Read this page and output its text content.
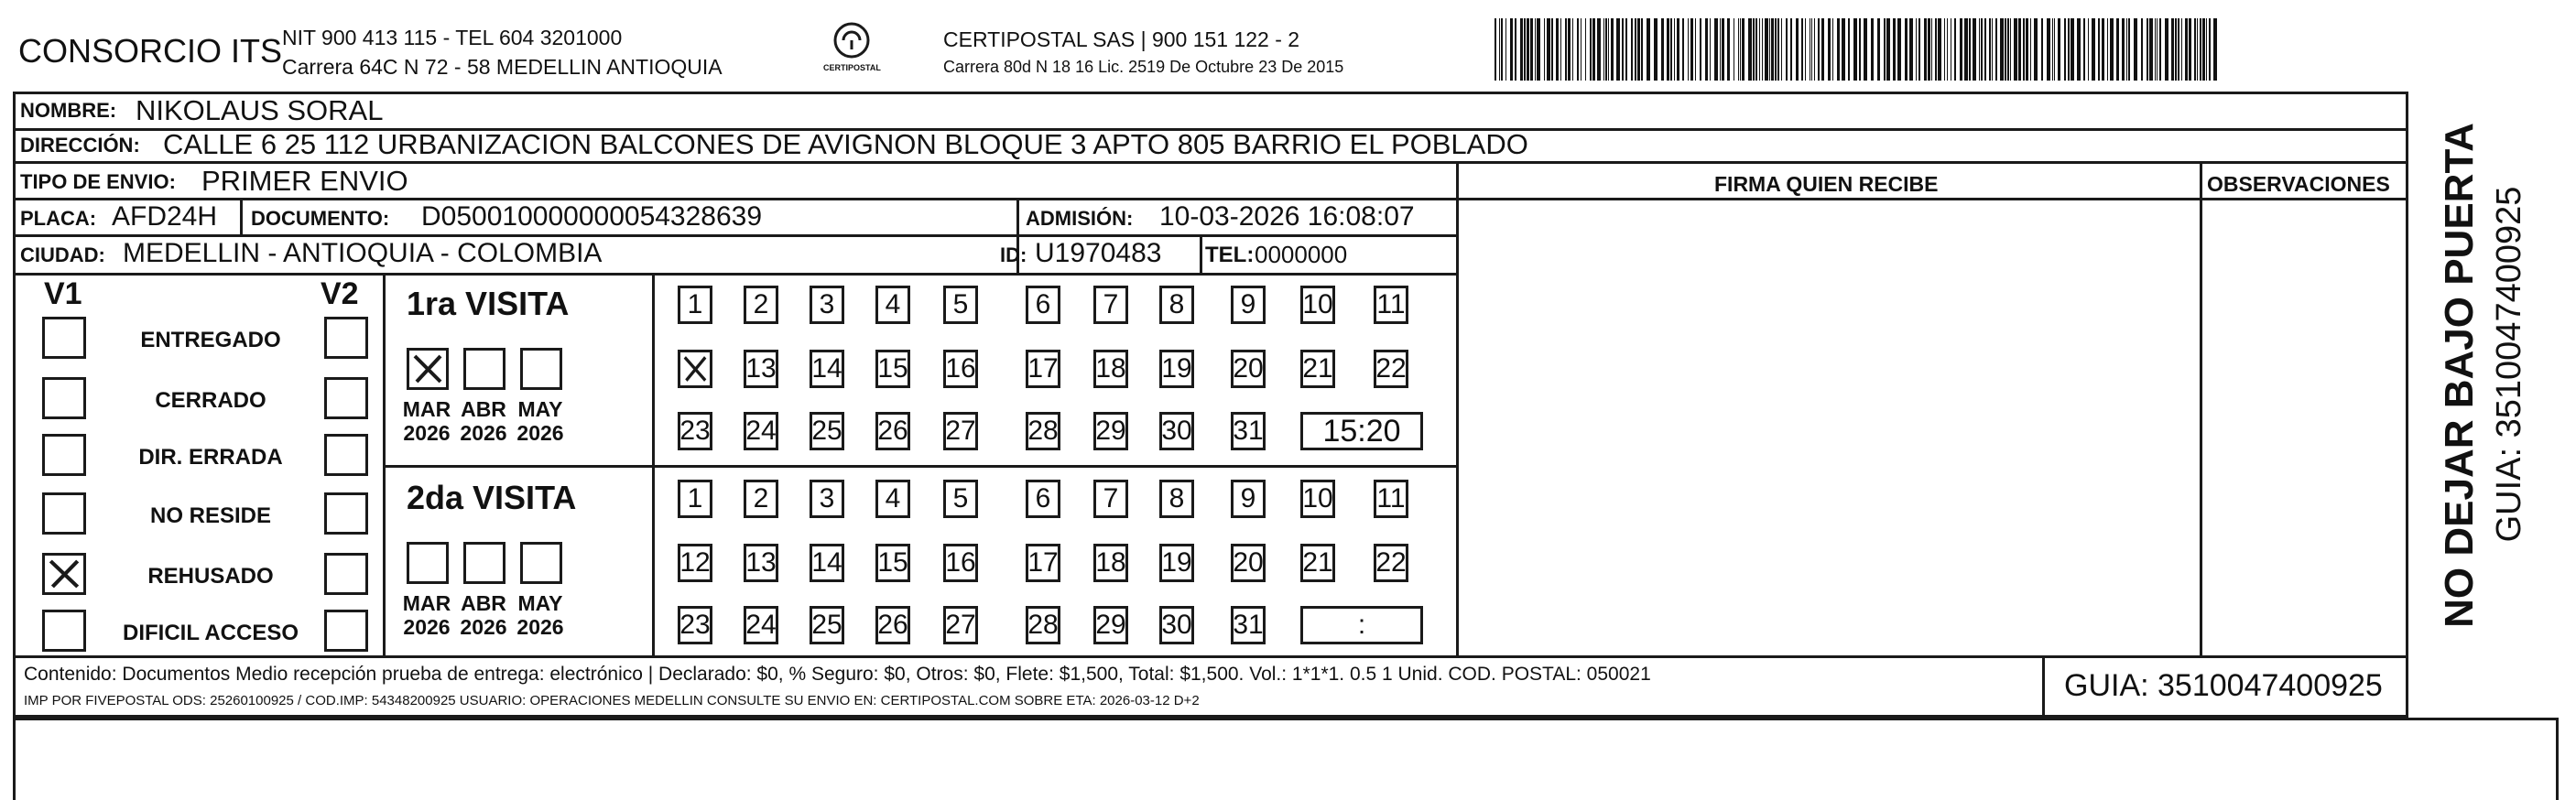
CONSORCIO ITS NIT 900 413 115 - TEL 604 3201000
Carrera 64C N 72 - 58 MEDELLIN ANTIOQUIA	CERTIPOSTAL
CERTIPOSTAL SAS | 900 151 122 - 2
Carrera 80d N 18 16 Lic. 2519 De Octubre 23 De 2015
NOMBRE: NIKOLAUS SORAL
DIRECCIÓN: CALLE 6 25 112 URBANIZACION BALCONES DE AVIGNON BLOQUE 3 APTO 805 BARRIO EL POBLADO
TIPO DE ENVIO: PRIMER ENVIO	FIRMA QUIEN RECIBE	OBSERVACIONES
PLACA: AFD24H DOCUMENTO: D050010000000054328639	ADMISIÓN: 10-03-2026 16:08:07
CIUDAD: MEDELLIN - ANTIOQUIA - COLOMBIA	ID: U1970483 TEL: 0000000
V1	V2
ENTREGADO
CERRADO
DIR. ERRADA
NO RESIDE
REHUSADO
DIFICIL ACCESO
1ra VISITA
MAR
2026
ABR
2026
MAY
2026
1 2 3 4 5 6 7 8 9 10 11
13 14 15 16 17 18 19 20 21 22
23 24 25 26 27 28 29 30 31 15:20
2da VISITA
MAR
2026
ABR
2026
MAY
2026
1 2 3 4 5 6 7 8 9 10 11
12 13 14 15 16 17 18 19 20 21 22
23 24 25 26 27 28 29 30 31	:
Contenido: Documentos Medio recepción prueba de entrega: electrónico | Declarado: $0, % Seguro: $0, Otros: $0, Flete: $1,500, Total: $1,500. Vol.: 1*1*1. 0.5 1 Unid. COD. POSTAL: 050021
IMP POR FIVEPOSTAL ODS: 25260100925 / COD.IMP: 54348200925 USUARIO: OPERACIONES MEDELLIN CONSULTE SU ENVIO EN: CERTIPOSTAL.COM SOBRE ETA: 2026-03-12 D+2	GUIA: 3510047400925
NO DEJAR BAJO PUERTA GUIA: 3510047400925
